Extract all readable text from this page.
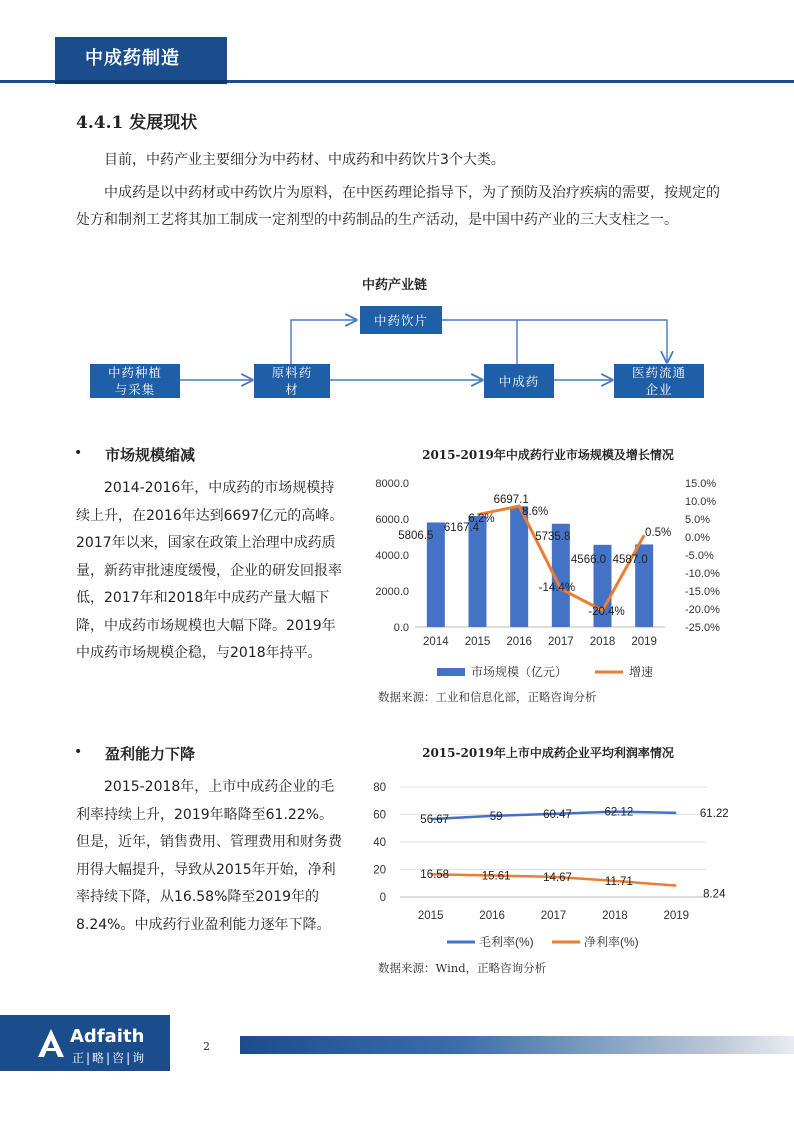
中成药制造
4.4.1 发展现状

目前，中药产业主要细分为中药材、中成药和中药饮片3个大类。

中成药是以中药材或中药饮片为原料，在中医药理论指导下，为了预防及治疗疾病的需要，按规定的处方和制剂工艺将其加工制成一定剂型的中药制品的生产活动，是中国中药产业的三大支柱之一。

中药产业链
中药种植
与采集
原料药
材
中药饮片
中成药
医药流通
企业
• 市场规模缩减

2014-2016年，中成药的市场规模持续上升，在2016年达到6697亿元的高峰。2017年以来，国家在政策上治理中成药质量，新药审批速度缓慢，企业的研发回报率低，2017年和2018年中成药产量大幅下降，中成药市场规模也大幅下降。2019年中成药市场规模企稳，与2018年持平。

2015-2019年中成药行业市场规模及增长情况
0.0
2000.0
4000.0
6000.0
8000.0	15.0%
10.0%
5.0%
0.0%
-5.0%
-10.0%
-15.0%
-20.0%
-25.0%
2014 2015 2016 2017 2018 2019
5806.5
6167.4
6697.1
5735.8
4566.0 4587.0
6.2%
8.6%
-14.4%
-20.4%
0.5%
市场规模（亿元）	增速
数据来源：工业和信息化部，正略咨询分析
• 盈利能力下降

2015-2018年，上市中成药企业的毛利率持续上升，2019年略降至61.22%。但是，近年，销售费用、管理费用和财务费用得大幅提升，导致从2015年开始，净利率持续下降，从16.58%降至2019年的8.24%。中成药行业盈利能力逐年下降。

2015-2019年上市中成药企业平均利润率情况
0
20
40
60
80
2015	2016	2017	2018	2019
56.67	59	60.47	62.12	61.22
16.58	15.61	14.67	11.71
8.24
毛利率(%)	净利率(%)
数据来源：Wind，正略咨询分析
Adfaith
正|略|咨|询
2
